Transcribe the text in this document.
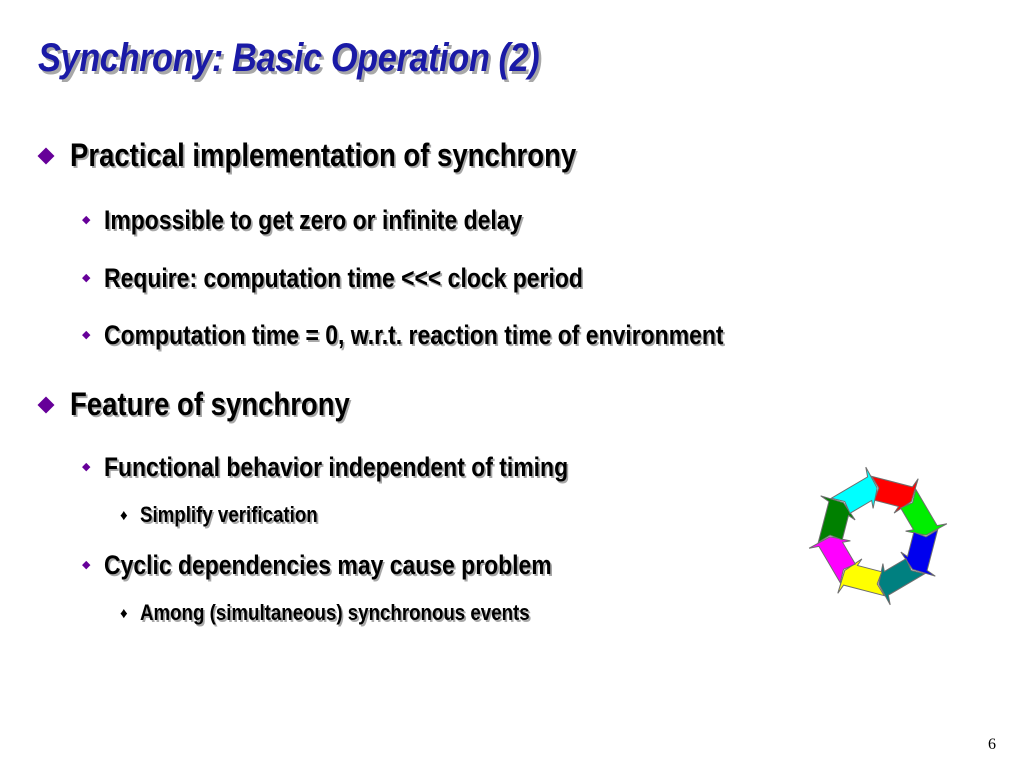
Synchrony: Basic Operation (2)
Practical implementation of synchrony
◆ Impossible to get zero or infinite delay
◆ Require: computation time <<< clock period
◆ Computation time = 0, w.r.t. reaction time of environment
Feature of synchrony
◆ Functional behavior independent of timing
♦ Simplify verification
◆ Cyclic dependencies may cause problem
♦ Among (simultaneous) synchronous events
6
